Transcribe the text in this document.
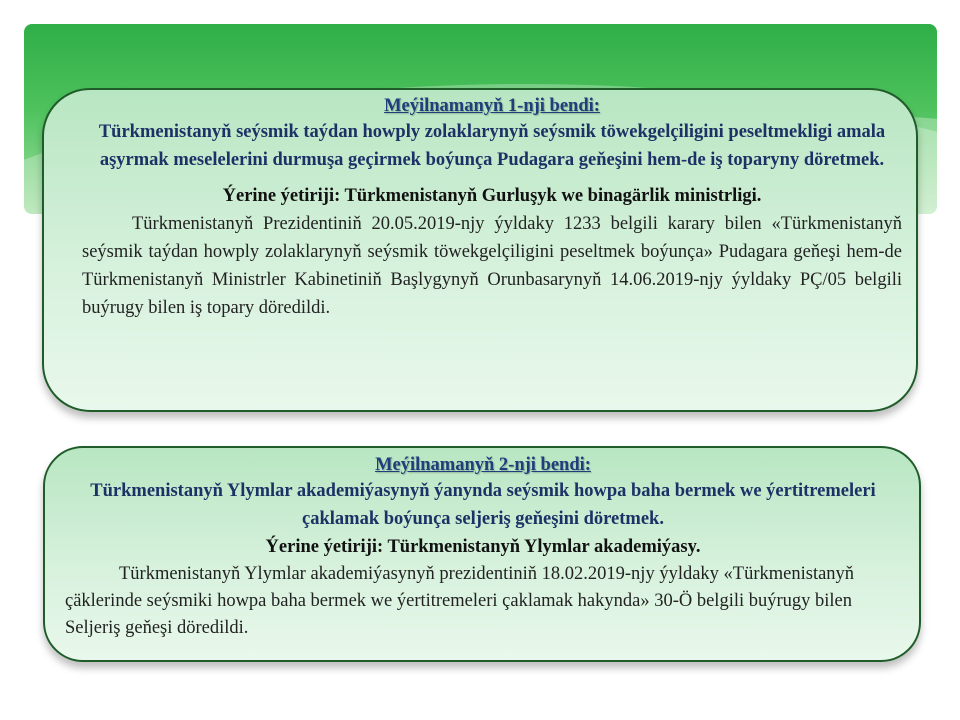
Meýilnamanyň 1-nji bendi:
Türkmenistanyň seýsmik taýdan howply zolaklarynyň seýsmik töwekgelçiligini peseltmekligi amala aşyrmak meselelerini durmuşa geçirmek boýunça Pudagara geňeşini hem-de iş toparyny döretmek.
Ýerine ýetiriji: Türkmenistanyň Gurluşyk we binagärlik ministrligi.
Türkmenistanyň Prezidentiniň 20.05.2019-njy ýyldaky 1233 belgili karary bilen «Türkmenistanyň seýsmik taýdan howply zolaklarynyň seýsmik töwekgelçiligini peseltmek boýunça» Pudagara geňeşi hem-de Türkmenistanyň Ministrler Kabinetiniň Başlygynyň Orunbasarynyň 14.06.2019-njy ýyldaky PÇ/05 belgili buýrugy bilen iş topary döredildi.
Meýilnamanyň 2-nji bendi:
Türkmenistanyň Ylymlar akademiýasynyň ýanynda seýsmik howpa baha bermek we ýertitremeleri çaklamak boýunça seljeriş geňeşini döretmek.
Ýerine ýetiriji: Türkmenistanyň Ylymlar akademiýasy.
Türkmenistanyň Ylymlar akademiýasynyň prezidentiniň 18.02.2019-njy ýyldaky «Türkmenistanyň çäklerinde seýsmiki howpa baha bermek we ýertitremeleri çaklamak hakynda» 30-Ö belgili buýrugy bilen Seljeriş geňeşi döredildi.
